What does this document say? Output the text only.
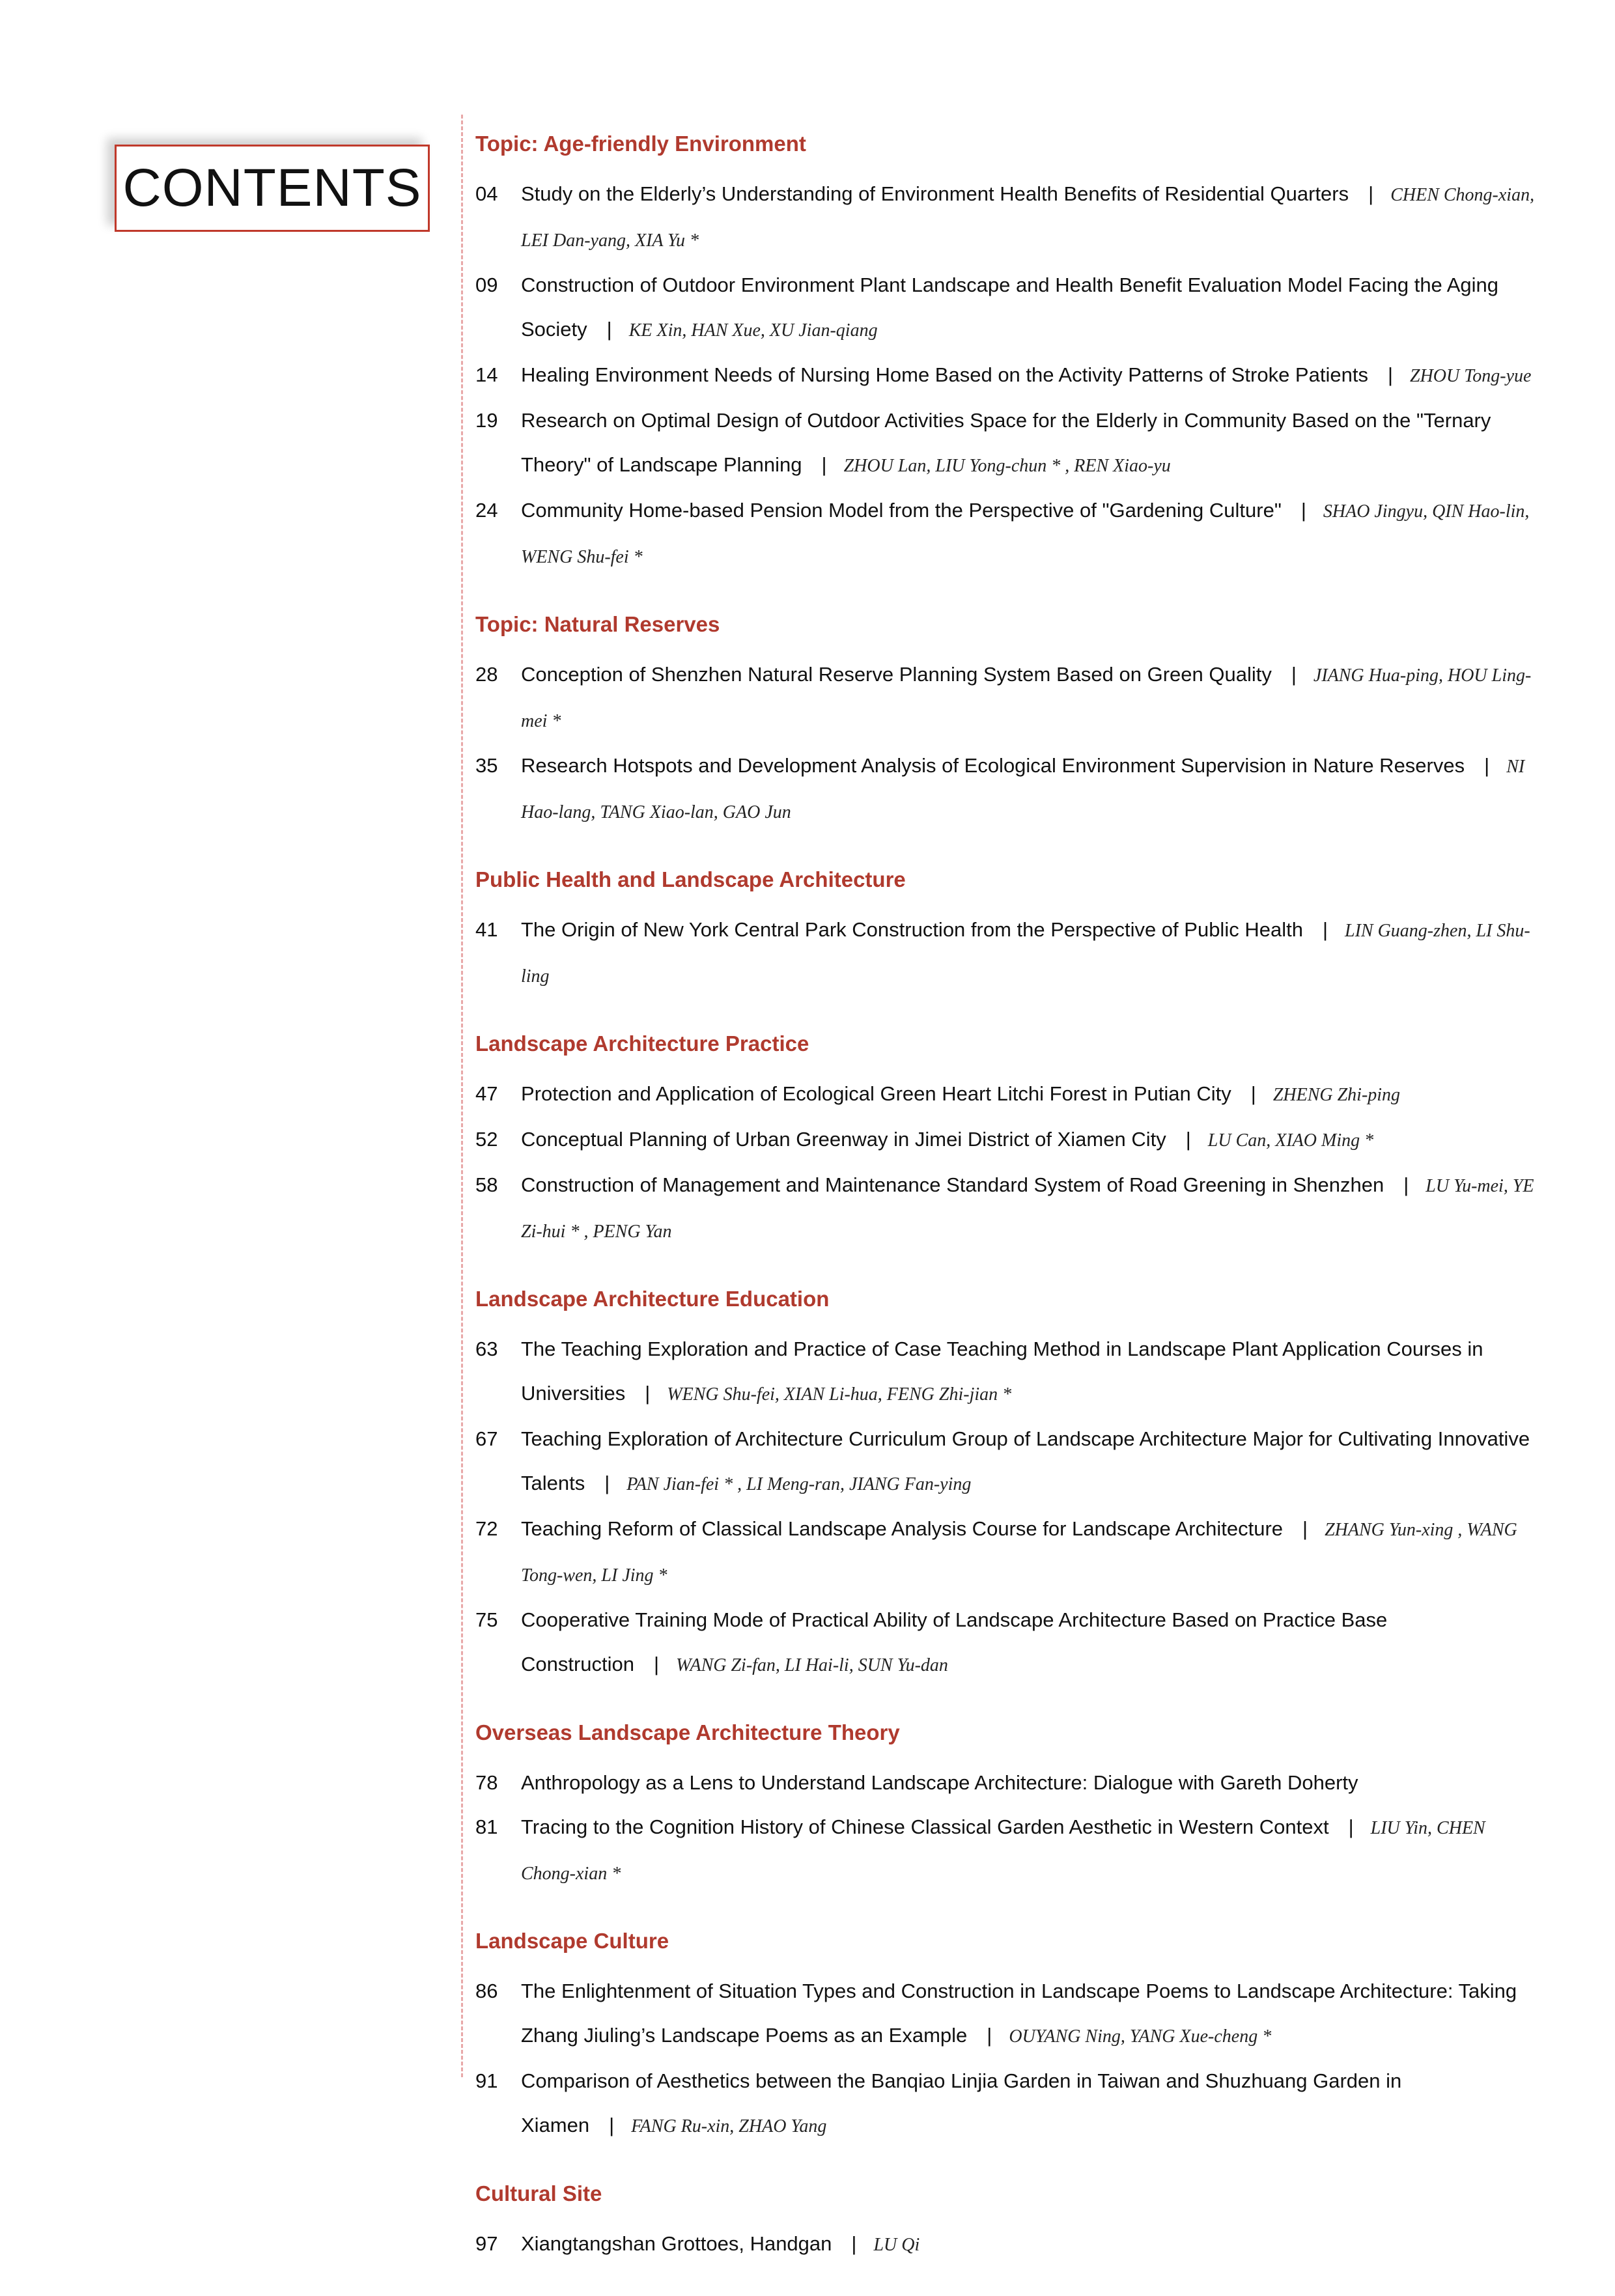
CONTENTS
Topic: Age-friendly Environment
04	Study on the Elderly’s Understanding of Environment Health Benefits of Residential Quarters | CHEN Chong-xian, LEI Dan-yang, XIA Yu *
09	Construction of Outdoor Environment Plant Landscape and Health Benefit Evaluation Model Facing the Aging Society | KE Xin, HAN Xue, XU Jian-qiang
14	Healing Environment Needs of Nursing Home Based on the Activity Patterns of Stroke Patients | ZHOU Tong-yue
19	Research on Optimal Design of Outdoor Activities Space for the Elderly in Community Based on the "Ternary Theory" of Landscape Planning | ZHOU Lan, LIU Yong-chun * , REN Xiao-yu
24	Community Home-based Pension Model from the Perspective of "Gardening Culture" | SHAO Jingyu, QIN Hao-lin, WENG Shu-fei *
Topic: Natural Reserves
28	Conception of Shenzhen Natural Reserve Planning System Based on Green Quality | JIANG Hua-ping, HOU Ling-mei *
35	Research Hotspots and Development Analysis of Ecological Environment Supervision in Nature Reserves | NI Hao-lang, TANG Xiao-lan, GAO Jun
Public Health and Landscape Architecture
41	The Origin of New York Central Park Construction from the Perspective of Public Health | LIN Guang-zhen, LI Shu-ling
Landscape Architecture Practice
47	Protection and Application of Ecological Green Heart Litchi Forest in Putian City | ZHENG Zhi-ping
52	Conceptual Planning of Urban Greenway in Jimei District of Xiamen City | LU Can, XIAO Ming *
58	Construction of Management and Maintenance Standard System of Road Greening in Shenzhen | LU Yu-mei, YE Zi-hui * , PENG Yan
Landscape Architecture Education
63	The Teaching Exploration and Practice of Case Teaching Method in Landscape Plant Application Courses in Universities | WENG Shu-fei, XIAN Li-hua, FENG Zhi-jian *
67	Teaching Exploration of Architecture Curriculum Group of Landscape Architecture Major for Cultivating Innovative Talents | PAN Jian-fei * , LI Meng-ran, JIANG Fan-ying
72	Teaching Reform of Classical Landscape Analysis Course for Landscape Architecture | ZHANG Yun-xing , WANG Tong-wen, LI Jing *
75	Cooperative Training Mode of Practical Ability of Landscape Architecture Based on Practice Base Construction | WANG Zi-fan, LI Hai-li, SUN Yu-dan
Overseas Landscape Architecture Theory
78	Anthropology as a Lens to Understand Landscape Architecture: Dialogue with Gareth Doherty
81	Tracing to the Cognition History of Chinese Classical Garden Aesthetic in Western Context | LIU Yin, CHEN Chong-xian *
Landscape Culture
86	The Enlightenment of Situation Types and Construction in Landscape Poems to Landscape Architecture: Taking Zhang Jiuling’s Landscape Poems as an Example | OUYANG Ning, YANG Xue-cheng *
91	Comparison of Aesthetics between the Banqiao Linjia Garden in Taiwan and Shuzhuang Garden in Xiamen | FANG Ru-xin, ZHAO Yang
Cultural Site
97	Xiangtangshan Grottoes, Handgan | LU Qi
